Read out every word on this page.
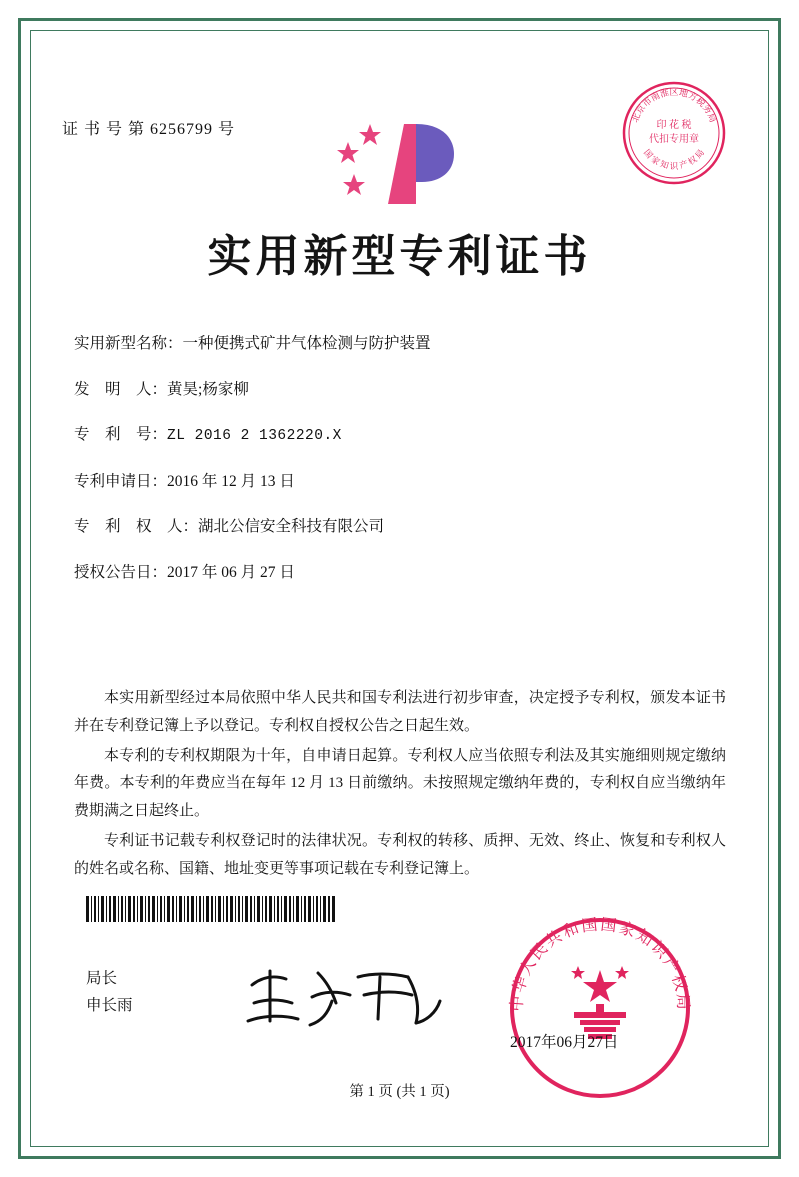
证 书 号 第 6256799 号
北京市南淮区地方税务局
国 家 知 识 产 权 局
印 花 税
代扣专用章
实用新型专利证书
实用新型名称：一种便携式矿井气体检测与防护装置
发　明　人：黄昊;杨家柳
专　利　号：ZL 2016 2 1362220.X
专利申请日：2016 年 12 月 13 日
专　利　权　人：湖北公信安全科技有限公司
授权公告日：2017 年 06 月 27 日

本实用新型经过本局依照中华人民共和国专利法进行初步审查，决定授予专利权，颁发本证书并在专利登记簿上予以登记。专利权自授权公告之日起生效。

本专利的专利权期限为十年，自申请日起算。专利权人应当依照专利法及其实施细则规定缴纳年费。本专利的年费应当在每年 12 月 13 日前缴纳。未按照规定缴纳年费的，专利权自应当缴纳年费期满之日起终止。

专利证书记载专利权登记时的法律状况。专利权的转移、质押、无效、终止、恢复和专利权人的姓名或名称、国籍、地址变更等事项记载在专利登记簿上。

局长
申长雨	中华人民共和国国家知识产权局
2017年06月27日
第 1 页 (共 1 页)
